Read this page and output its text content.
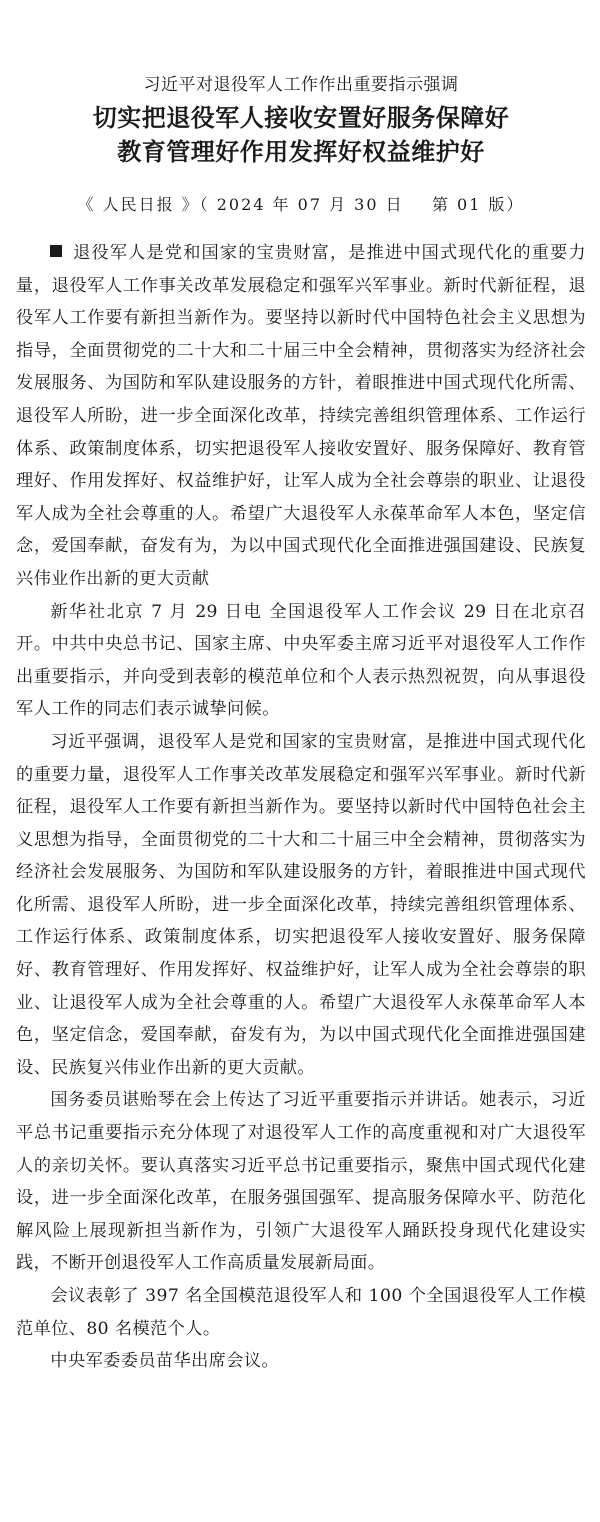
习近平对退役军人工作作出重要指示强调
切实把退役军人接收安置好服务保障好
教育管理好作用发挥好权益维护好
《 人民日报 》（ 2024 年 07 月 30 日    第 01 版）

退役军人是党和国家的宝贵财富，是推进中国式现代化的重要力量，退役军人工作事关改革发展稳定和强军兴军事业。新时代新征程，退役军人工作要有新担当新作为。要坚持以新时代中国特色社会主义思想为指导，全面贯彻党的二十大和二十届三中全会精神，贯彻落实为经济社会发展服务、为国防和军队建设服务的方针，着眼推进中国式现代化所需、退役军人所盼，进一步全面深化改革，持续完善组织管理体系、工作运行体系、政策制度体系，切实把退役军人接收安置好、服务保障好、教育管理好、作用发挥好、权益维护好，让军人成为全社会尊崇的职业、让退役军人成为全社会尊重的人。希望广大退役军人永葆革命军人本色，坚定信念，爱国奉献，奋发有为，为以中国式现代化全面推进强国建设、民族复兴伟业作出新的更大贡献

新华社北京 7 月 29 日电 全国退役军人工作会议 29 日在北京召开。中共中央总书记、国家主席、中央军委主席习近平对退役军人工作作出重要指示，并向受到表彰的模范单位和个人表示热烈祝贺，向从事退役军人工作的同志们表示诚挚问候。

习近平强调，退役军人是党和国家的宝贵财富，是推进中国式现代化的重要力量，退役军人工作事关改革发展稳定和强军兴军事业。新时代新征程，退役军人工作要有新担当新作为。要坚持以新时代中国特色社会主义思想为指导，全面贯彻党的二十大和二十届三中全会精神，贯彻落实为经济社会发展服务、为国防和军队建设服务的方针，着眼推进中国式现代化所需、退役军人所盼，进一步全面深化改革，持续完善组织管理体系、工作运行体系、政策制度体系，切实把退役军人接收安置好、服务保障好、教育管理好、作用发挥好、权益维护好，让军人成为全社会尊崇的职业、让退役军人成为全社会尊重的人。希望广大退役军人永葆革命军人本色，坚定信念，爱国奉献，奋发有为，为以中国式现代化全面推进强国建设、民族复兴伟业作出新的更大贡献。

国务委员谌贻琴在会上传达了习近平重要指示并讲话。她表示，习近平总书记重要指示充分体现了对退役军人工作的高度重视和对广大退役军人的亲切关怀。要认真落实习近平总书记重要指示，聚焦中国式现代化建设，进一步全面深化改革，在服务强国强军、提高服务保障水平、防范化解风险上展现新担当新作为，引领广大退役军人踊跃投身现代化建设实践，不断开创退役军人工作高质量发展新局面。

会议表彰了 397 名全国模范退役军人和 100 个全国退役军人工作模范单位、80 名模范个人。

中央军委委员苗华出席会议。
